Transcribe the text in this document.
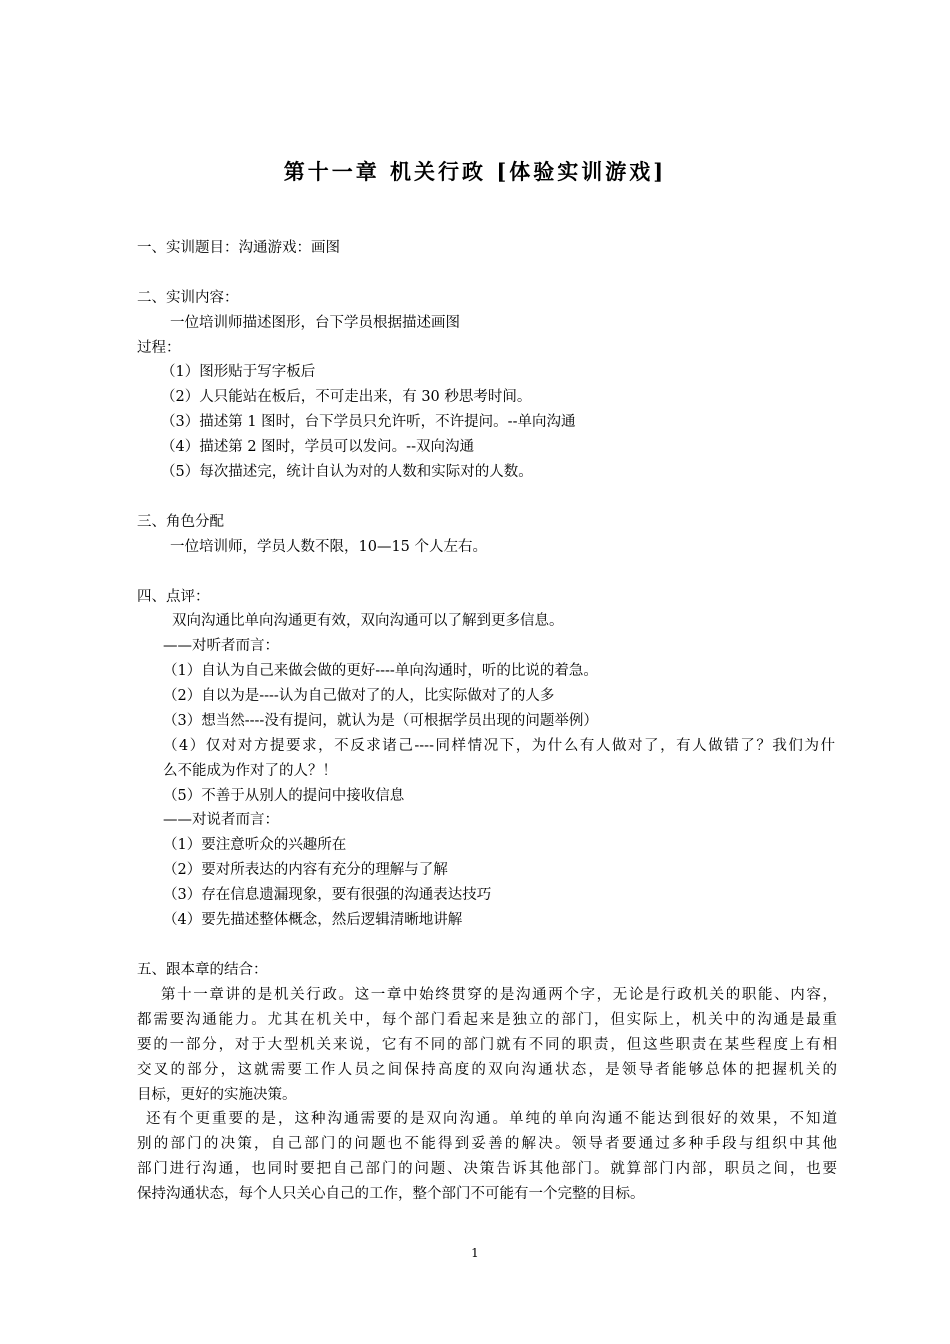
第十一章 机关行政 [体验实训游戏]
一、实训题目：沟通游戏：画图
二、实训内容：
一位培训师描述图形，台下学员根据描述画图
过程：
（1）图形贴于写字板后
（2）人只能站在板后，不可走出来，有 30 秒思考时间。
（3）描述第 1 图时，台下学员只允许听，不许提问。--单向沟通
（4）描述第 2 图时，学员可以发问。--双向沟通
（5）每次描述完，统计自认为对的人数和实际对的人数。
三、角色分配
一位培训师，学员人数不限，10—15 个人左右。
四、点评：
双向沟通比单向沟通更有效，双向沟通可以了解到更多信息。
——对听者而言：
（1）自认为自己来做会做的更好----单向沟通时，听的比说的着急。
（2）自以为是----认为自己做对了的人，比实际做对了的人多
（3）想当然----没有提问，就认为是（可根据学员出现的问题举例）
（4）仅对对方提要求，不反求诸己----同样情况下，为什么有人做对了，有人做错了？我们为什
么不能成为作对了的人？！
（5）不善于从别人的提问中接收信息
——对说者而言：
（1）要注意听众的兴趣所在
（2）要对所表达的内容有充分的理解与了解
（3）存在信息遗漏现象，要有很强的沟通表达技巧
（4）要先描述整体概念，然后逻辑清晰地讲解
五、跟本章的结合：
第十一章讲的是机关行政。这一章中始终贯穿的是沟通两个字，无论是行政机关的职能、内容，
都需要沟通能力。尤其在机关中，每个部门看起来是独立的部门，但实际上，机关中的沟通是最重
要的一部分，对于大型机关来说，它有不同的部门就有不同的职责，但这些职责在某些程度上有相
交叉的部分，这就需要工作人员之间保持高度的双向沟通状态，是领导者能够总体的把握机关的
目标，更好的实施决策。
还有个更重要的是，这种沟通需要的是双向沟通。单纯的单向沟通不能达到很好的效果，不知道
别的部门的决策，自己部门的问题也不能得到妥善的解决。领导者要通过多种手段与组织中其他
部门进行沟通，也同时要把自己部门的问题、决策告诉其他部门。就算部门内部，职员之间，也要
保持沟通状态，每个人只关心自己的工作，整个部门不可能有一个完整的目标。
1
